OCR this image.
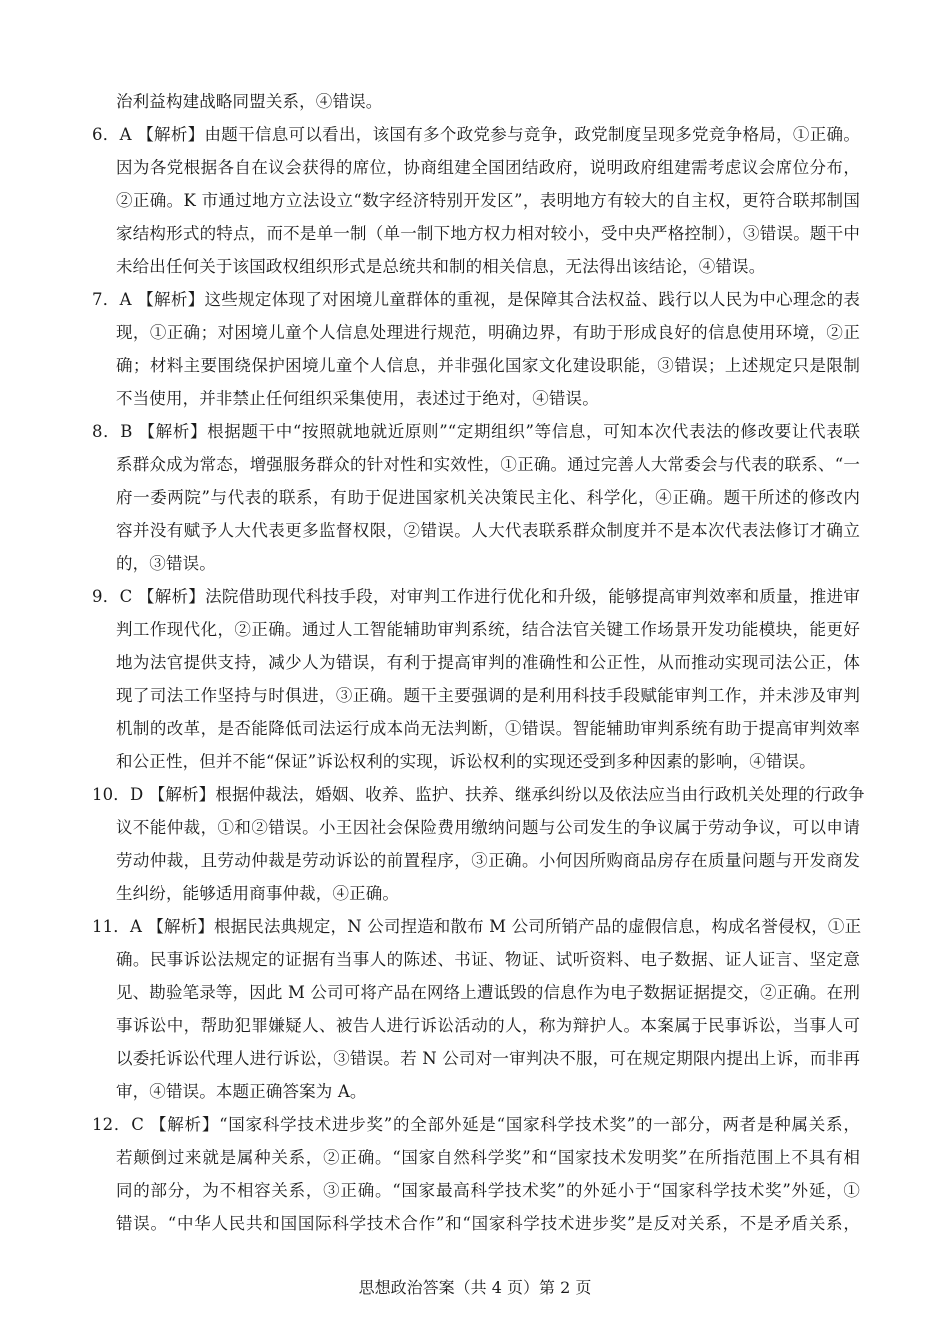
治利益构建战略同盟关系，④错误。
6．A 【解析】由题干信息可以看出，该国有多个政党参与竞争，政党制度呈现多党竞争格局，①正确。
因为各党根据各自在议会获得的席位，协商组建全国团结政府，说明政府组建需考虑议会席位分布，
②正确。K 市通过地方立法设立“数字经济特别开发区”，表明地方有较大的自主权，更符合联邦制国
家结构形式的特点，而不是单一制（单一制下地方权力相对较小，受中央严格控制），③错误。题干中
未给出任何关于该国政权组织形式是总统共和制的相关信息，无法得出该结论，④错误。
7．A 【解析】这些规定体现了对困境儿童群体的重视，是保障其合法权益、践行以人民为中心理念的表
现，①正确；对困境儿童个人信息处理进行规范，明确边界，有助于形成良好的信息使用环境，②正
确；材料主要围绕保护困境儿童个人信息，并非强化国家文化建设职能，③错误；上述规定只是限制
不当使用，并非禁止任何组织采集使用，表述过于绝对，④错误。
8．B 【解析】根据题干中“按照就地就近原则”“定期组织”等信息，可知本次代表法的修改要让代表联
系群众成为常态，增强服务群众的针对性和实效性，①正确。通过完善人大常委会与代表的联系、“一
府一委两院”与代表的联系，有助于促进国家机关决策民主化、科学化，④正确。题干所述的修改内
容并没有赋予人大代表更多监督权限，②错误。人大代表联系群众制度并不是本次代表法修订才确立
的，③错误。
9．C 【解析】法院借助现代科技手段，对审判工作进行优化和升级，能够提高审判效率和质量，推进审
判工作现代化，②正确。通过人工智能辅助审判系统，结合法官关键工作场景开发功能模块，能更好
地为法官提供支持，减少人为错误，有利于提高审判的准确性和公正性，从而推动实现司法公正，体
现了司法工作坚持与时俱进，③正确。题干主要强调的是利用科技手段赋能审判工作，并未涉及审判
机制的改革，是否能降低司法运行成本尚无法判断，①错误。智能辅助审判系统有助于提高审判效率
和公正性，但并不能“保证”诉讼权利的实现，诉讼权利的实现还受到多种因素的影响，④错误。
10．D 【解析】根据仲裁法，婚姻、收养、监护、扶养、继承纠纷以及依法应当由行政机关处理的行政争
议不能仲裁，①和②错误。小王因社会保险费用缴纳问题与公司发生的争议属于劳动争议，可以申请
劳动仲裁，且劳动仲裁是劳动诉讼的前置程序，③正确。小何因所购商品房存在质量问题与开发商发
生纠纷，能够适用商事仲裁，④正确。
11．A 【解析】根据民法典规定，N 公司捏造和散布 M 公司所销产品的虚假信息，构成名誉侵权，①正
确。民事诉讼法规定的证据有当事人的陈述、书证、物证、试听资料、电子数据、证人证言、坚定意
见、勘验笔录等，因此 M 公司可将产品在网络上遭诋毁的信息作为电子数据证据提交，②正确。在刑
事诉讼中，帮助犯罪嫌疑人、被告人进行诉讼活动的人，称为辩护人。本案属于民事诉讼，当事人可
以委托诉讼代理人进行诉讼，③错误。若 N 公司对一审判决不服，可在规定期限内提出上诉，而非再
审，④错误。本题正确答案为 A。
12．C 【解析】“国家科学技术进步奖”的全部外延是“国家科学技术奖”的一部分，两者是种属关系，
若颠倒过来就是属种关系，②正确。“国家自然科学奖”和“国家技术发明奖”在所指范围上不具有相
同的部分，为不相容关系，③正确。“国家最高科学技术奖”的外延小于“国家科学技术奖”外延，①
错误。“中华人民共和国国际科学技术合作”和“国家科学技术进步奖”是反对关系，不是矛盾关系，
思想政治答案（共 4 页）第 2 页
